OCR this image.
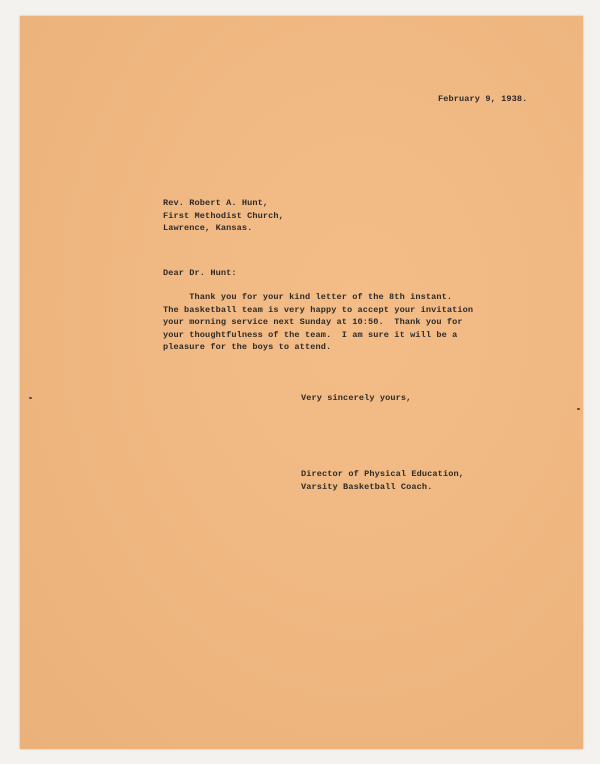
February 9, 1938.
Rev. Robert A. Hunt,
First Methodist Church,
Lawrence, Kansas.
Dear Dr. Hunt:
Thank you for your kind letter of the 8th instant.
The basketball team is very happy to accept your invitation
your morning service next Sunday at 10:50.  Thank you for
your thoughtfulness of the team.  I am sure it will be a
pleasure for the boys to attend.
Very sincerely yours,
Director of Physical Education,
Varsity Basketball Coach.
